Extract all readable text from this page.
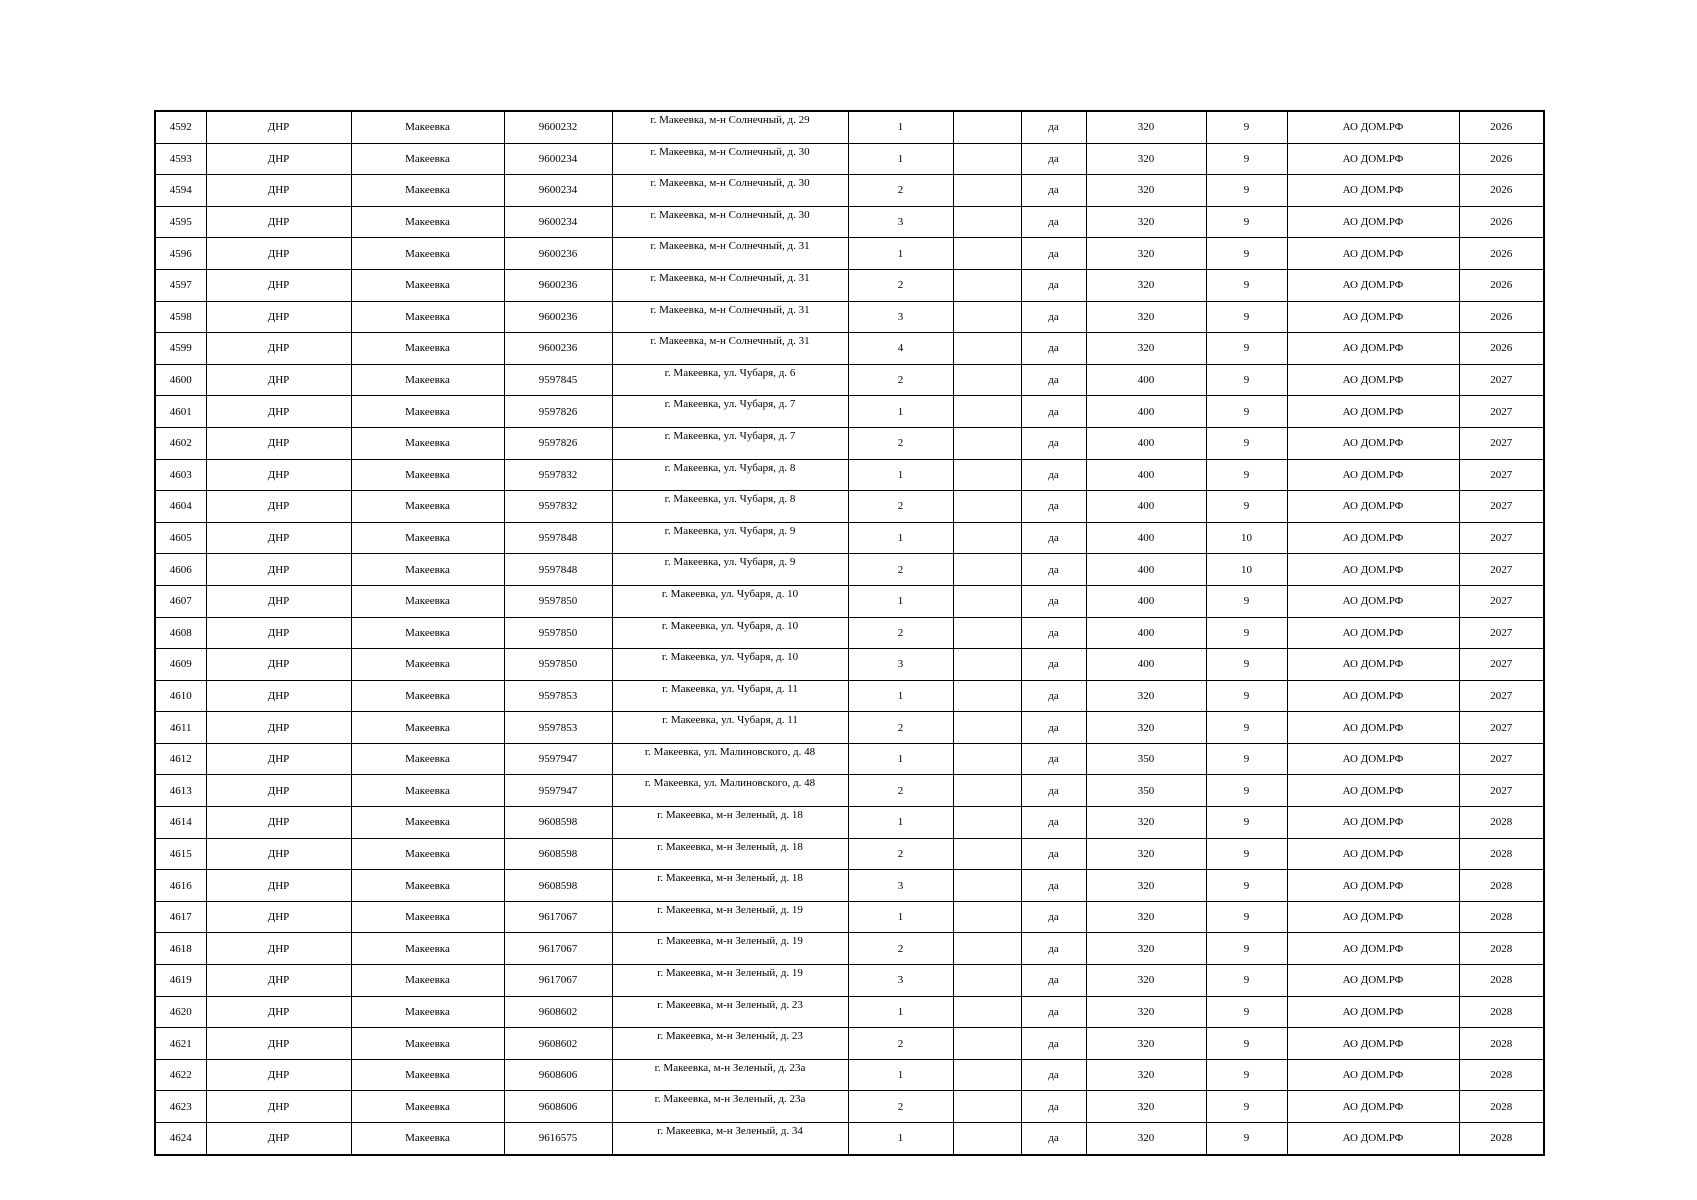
4592	ДНР	Макеевка	9600232	г. Макеевка, м-н Солнечный, д. 29	1		да	320	9	АО ДОМ.РФ	2026
4593	ДНР	Макеевка	9600234	г. Макеевка, м-н Солнечный, д. 30	1		да	320	9	АО ДОМ.РФ	2026
4594	ДНР	Макеевка	9600234	г. Макеевка, м-н Солнечный, д. 30	2		да	320	9	АО ДОМ.РФ	2026
4595	ДНР	Макеевка	9600234	г. Макеевка, м-н Солнечный, д. 30	3		да	320	9	АО ДОМ.РФ	2026
4596	ДНР	Макеевка	9600236	г. Макеевка, м-н Солнечный, д. 31	1		да	320	9	АО ДОМ.РФ	2026
4597	ДНР	Макеевка	9600236	г. Макеевка, м-н Солнечный, д. 31	2		да	320	9	АО ДОМ.РФ	2026
4598	ДНР	Макеевка	9600236	г. Макеевка, м-н Солнечный, д. 31	3		да	320	9	АО ДОМ.РФ	2026
4599	ДНР	Макеевка	9600236	г. Макеевка, м-н Солнечный, д. 31	4		да	320	9	АО ДОМ.РФ	2026
4600	ДНР	Макеевка	9597845	г. Макеевка, ул. Чубаря, д. 6	2		да	400	9	АО ДОМ.РФ	2027
4601	ДНР	Макеевка	9597826	г. Макеевка, ул. Чубаря, д. 7	1		да	400	9	АО ДОМ.РФ	2027
4602	ДНР	Макеевка	9597826	г. Макеевка, ул. Чубаря, д. 7	2		да	400	9	АО ДОМ.РФ	2027
4603	ДНР	Макеевка	9597832	г. Макеевка, ул. Чубаря, д. 8	1		да	400	9	АО ДОМ.РФ	2027
4604	ДНР	Макеевка	9597832	г. Макеевка, ул. Чубаря, д. 8	2		да	400	9	АО ДОМ.РФ	2027
4605	ДНР	Макеевка	9597848	г. Макеевка, ул. Чубаря, д. 9	1		да	400	10	АО ДОМ.РФ	2027
4606	ДНР	Макеевка	9597848	г. Макеевка, ул. Чубаря, д. 9	2		да	400	10	АО ДОМ.РФ	2027
4607	ДНР	Макеевка	9597850	г. Макеевка, ул. Чубаря, д. 10	1		да	400	9	АО ДОМ.РФ	2027
4608	ДНР	Макеевка	9597850	г. Макеевка, ул. Чубаря, д. 10	2		да	400	9	АО ДОМ.РФ	2027
4609	ДНР	Макеевка	9597850	г. Макеевка, ул. Чубаря, д. 10	3		да	400	9	АО ДОМ.РФ	2027
4610	ДНР	Макеевка	9597853	г. Макеевка, ул. Чубаря, д. 11	1		да	320	9	АО ДОМ.РФ	2027
4611	ДНР	Макеевка	9597853	г. Макеевка, ул. Чубаря, д. 11	2		да	320	9	АО ДОМ.РФ	2027
4612	ДНР	Макеевка	9597947	г. Макеевка, ул. Малиновского, д. 48	1		да	350	9	АО ДОМ.РФ	2027
4613	ДНР	Макеевка	9597947	г. Макеевка, ул. Малиновского, д. 48	2		да	350	9	АО ДОМ.РФ	2027
4614	ДНР	Макеевка	9608598	г. Макеевка, м-н Зеленый, д. 18	1		да	320	9	АО ДОМ.РФ	2028
4615	ДНР	Макеевка	9608598	г. Макеевка, м-н Зеленый, д. 18	2		да	320	9	АО ДОМ.РФ	2028
4616	ДНР	Макеевка	9608598	г. Макеевка, м-н Зеленый, д. 18	3		да	320	9	АО ДОМ.РФ	2028
4617	ДНР	Макеевка	9617067	г. Макеевка, м-н Зеленый, д. 19	1		да	320	9	АО ДОМ.РФ	2028
4618	ДНР	Макеевка	9617067	г. Макеевка, м-н Зеленый, д. 19	2		да	320	9	АО ДОМ.РФ	2028
4619	ДНР	Макеевка	9617067	г. Макеевка, м-н Зеленый, д. 19	3		да	320	9	АО ДОМ.РФ	2028
4620	ДНР	Макеевка	9608602	г. Макеевка, м-н Зеленый, д. 23	1		да	320	9	АО ДОМ.РФ	2028
4621	ДНР	Макеевка	9608602	г. Макеевка, м-н Зеленый, д. 23	2		да	320	9	АО ДОМ.РФ	2028
4622	ДНР	Макеевка	9608606	г. Макеевка, м-н Зеленый, д. 23а	1		да	320	9	АО ДОМ.РФ	2028
4623	ДНР	Макеевка	9608606	г. Макеевка, м-н Зеленый, д. 23а	2		да	320	9	АО ДОМ.РФ	2028
4624	ДНР	Макеевка	9616575	г. Макеевка, м-н Зеленый, д. 34	1		да	320	9	АО ДОМ.РФ	2028
